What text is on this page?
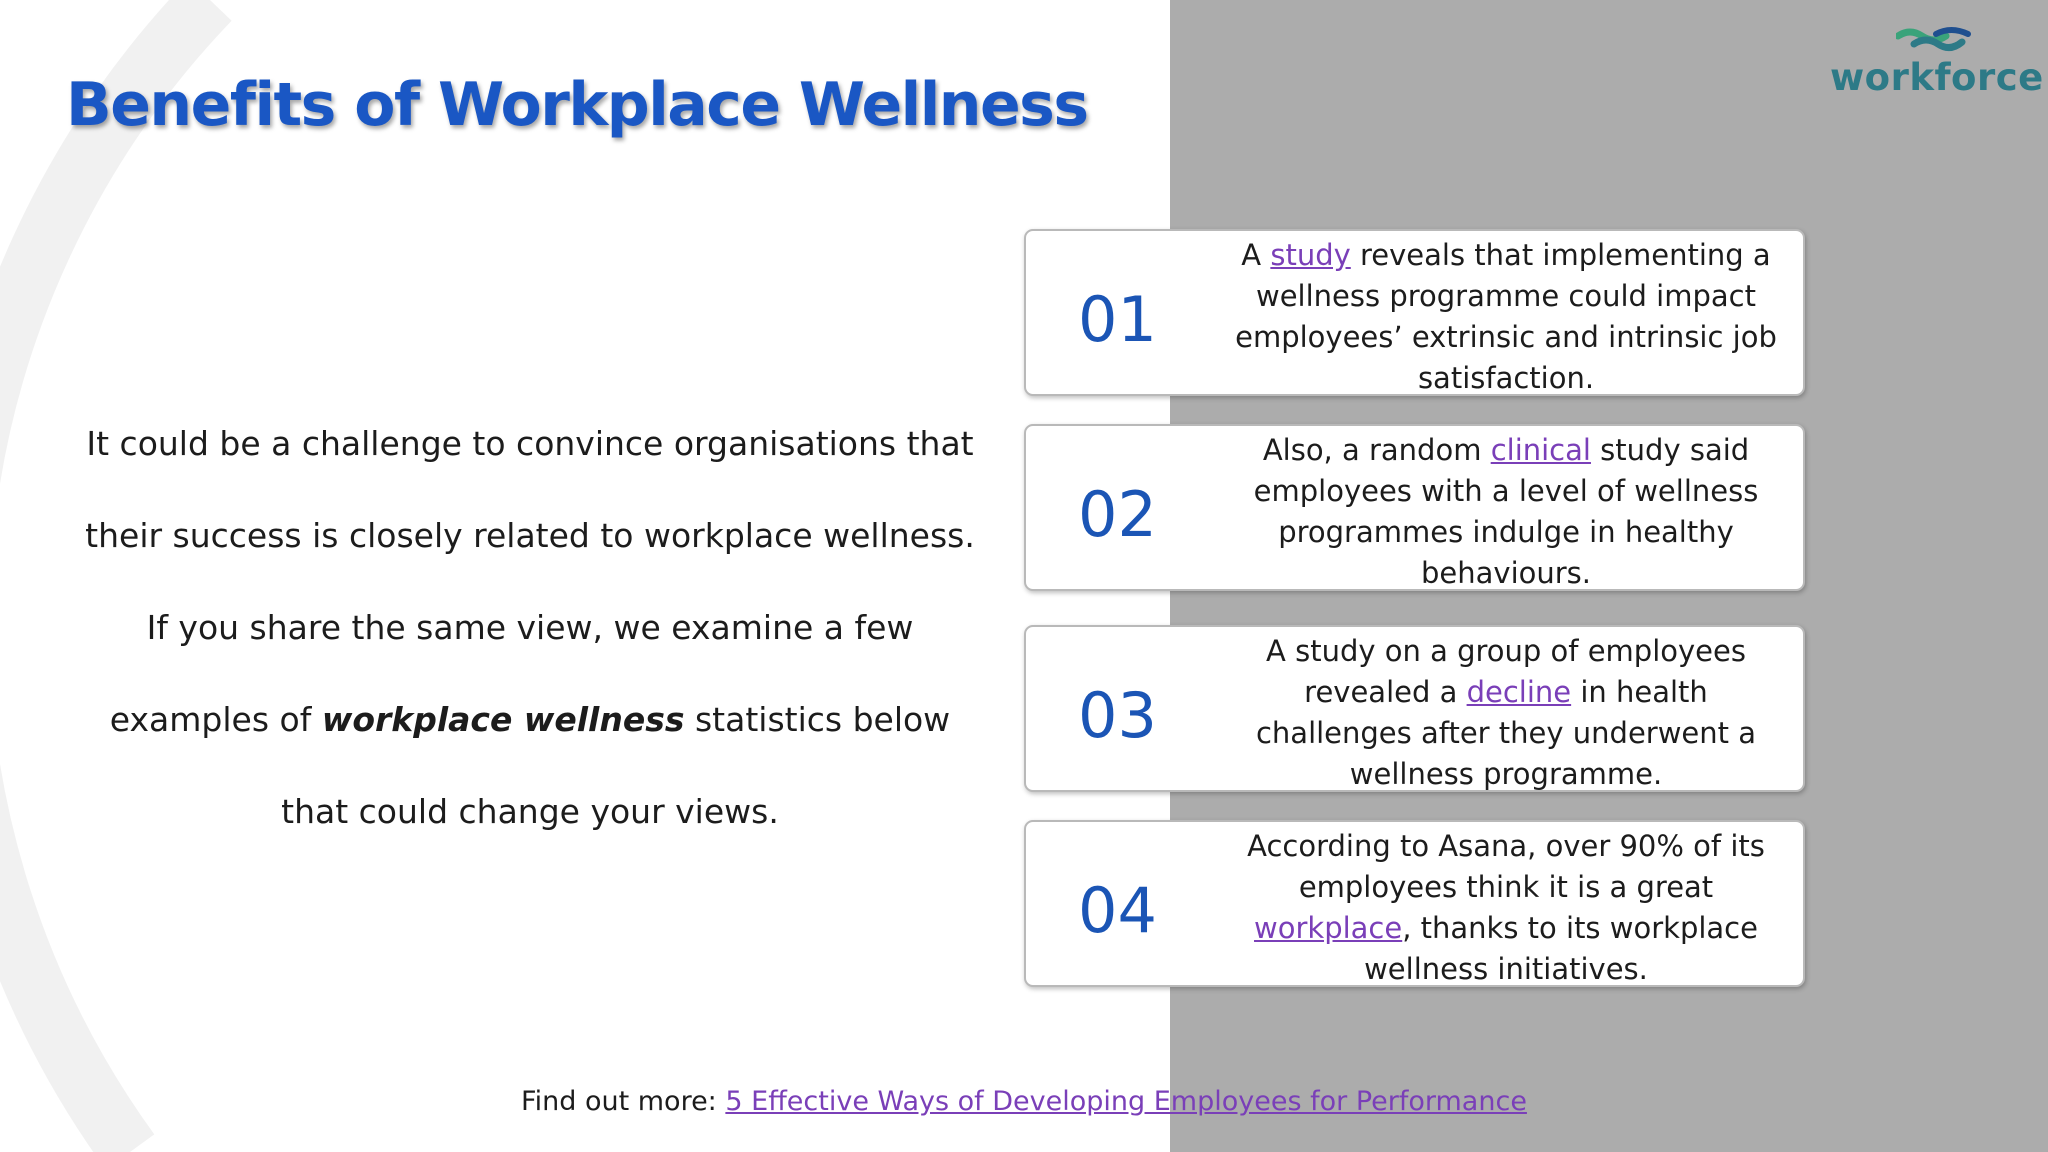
Benefits of Workplace Wellness	workforce

It could be a challenge to convince organisations that their success is closely related to workplace wellness.

If you share the same view, we examine a few examples of workplace wellness statistics below that could change your views.

01
A study reveals that implementing a wellness programme could impact employees’ extrinsic and intrinsic job satisfaction.
02
Also, a random clinical study said employees with a level of wellness programmes indulge in healthy behaviours.
03
A study on a group of employees revealed a decline in health challenges after they underwent a wellness programme.
04
According to Asana, over 90% of its employees think it is a great workplace, thanks to its workplace wellness initiatives.
Find out more: 5 Effective Ways of Developing Employees for Performance
